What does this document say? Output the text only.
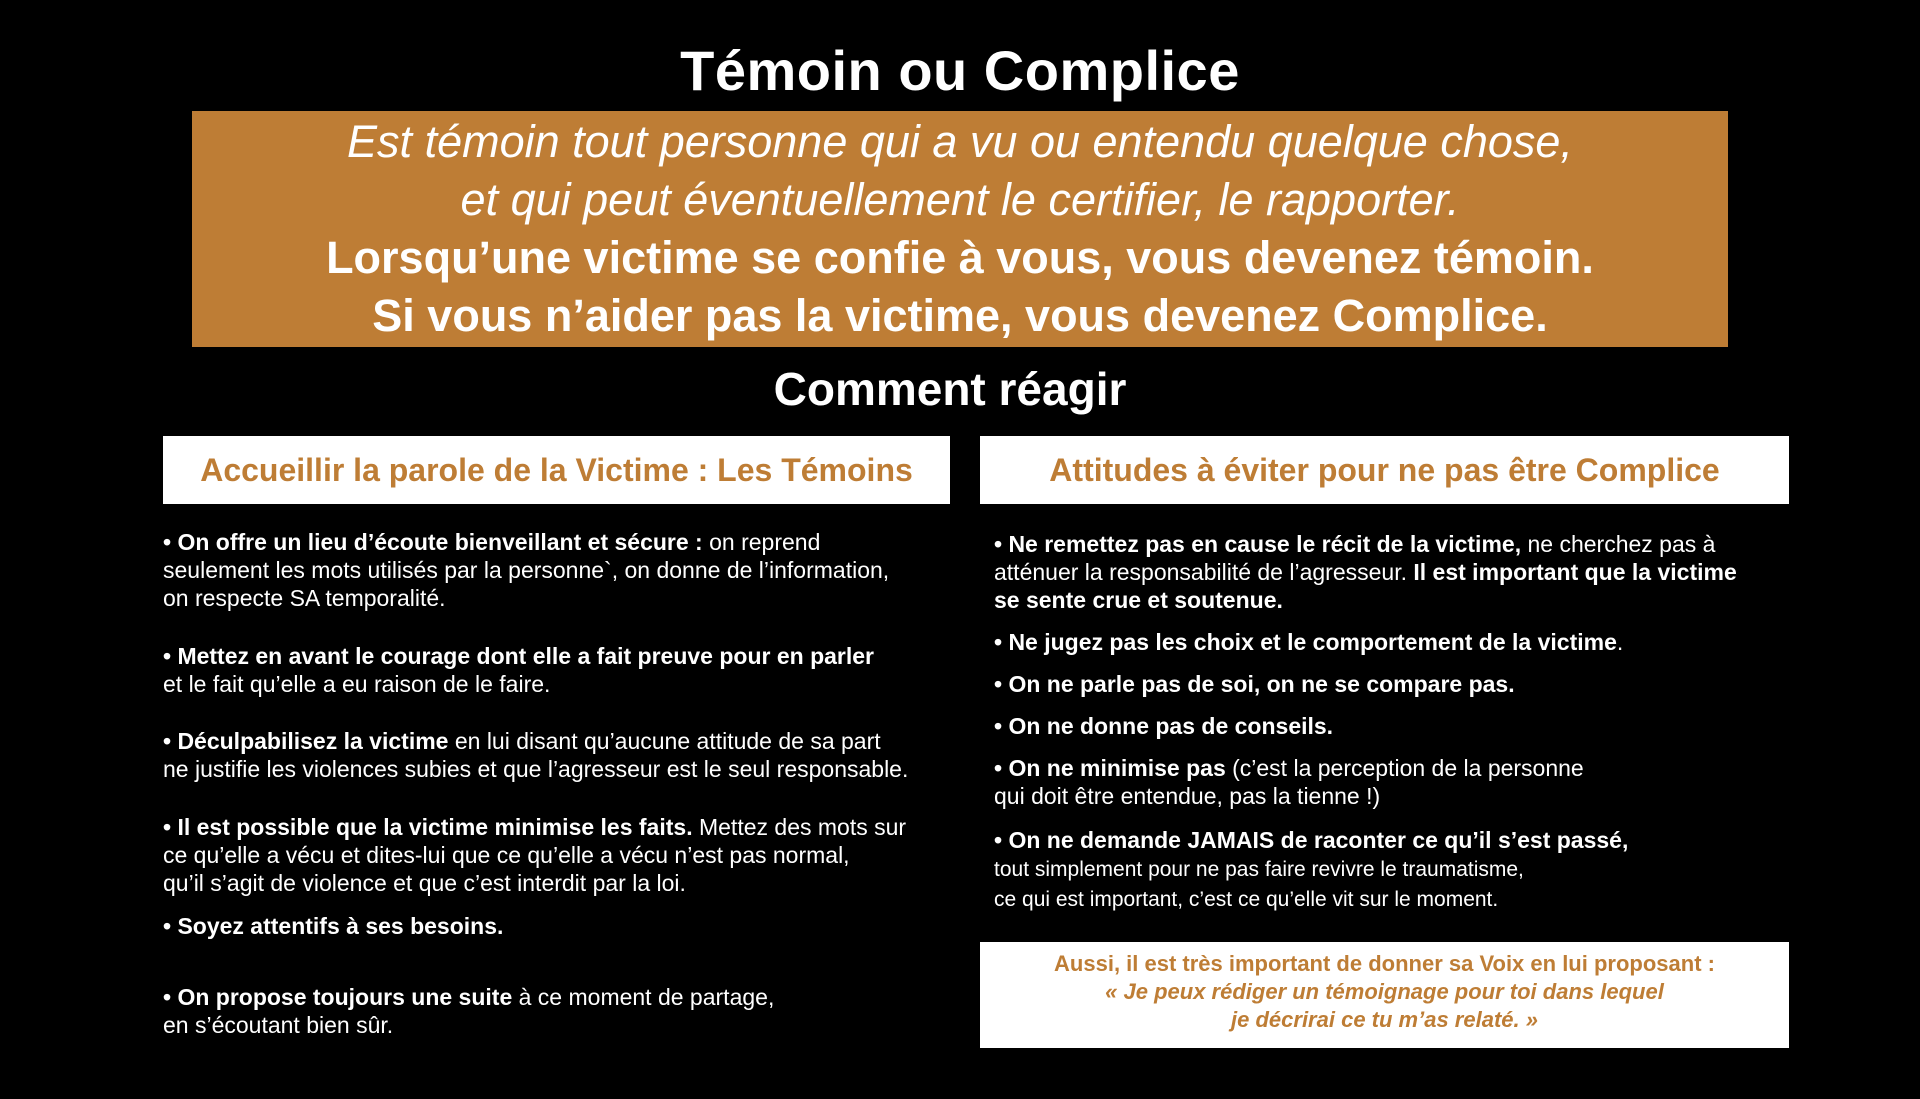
Témoin ou Complice
Est témoin tout personne qui a vu ou entendu quelque chose,
et qui peut éventuellement le certifier, le rapporter.
Lorsqu’une victime se confie à vous, vous devenez témoin.
Si vous n’aider pas la victime, vous devenez Complice.
Comment réagir
Accueillir la parole de la Victime : Les Témoins	Attitudes à éviter pour ne pas être Complice
• On offre un lieu d’écoute bienveillant et sécure : on reprend
seulement les mots utilisés par la personne`, on donne de l’information,
on respecte SA temporalité.
• Mettez en avant le courage dont elle a fait preuve pour en parler
et le fait qu’elle a eu raison de le faire.
• Déculpabilisez la victime en lui disant qu’aucune attitude de sa part
ne justifie les violences subies et que l’agresseur est le seul responsable.
• Il est possible que la victime minimise les faits. Mettez des mots sur
ce qu’elle a vécu et dites-lui que ce qu’elle a vécu n’est pas normal,
qu’il s’agit de violence et que c’est interdit par la loi.
• Soyez attentifs à ses besoins.
• On propose toujours une suite à ce moment de partage,
en s’écoutant bien sûr.
• Ne remettez pas en cause le récit de la victime, ne cherchez pas à
atténuer la responsabilité de l’agresseur. Il est important que la victime
se sente crue et soutenue.
• Ne jugez pas les choix et le comportement de la victime.
• On ne parle pas de soi, on ne se compare pas.
• On ne donne pas de conseils.
• On ne minimise pas (c’est la perception de la personne
qui doit être entendue, pas la tienne !)
• On ne demande JAMAIS de raconter ce qu’il s’est passé,
tout simplement pour ne pas faire revivre le traumatisme,
ce qui est important, c’est ce qu’elle vit sur le moment.
Aussi, il est très important de donner sa Voix en lui proposant :
« Je peux rédiger un témoignage pour toi dans lequel
je décrirai ce tu m’as relaté. »
